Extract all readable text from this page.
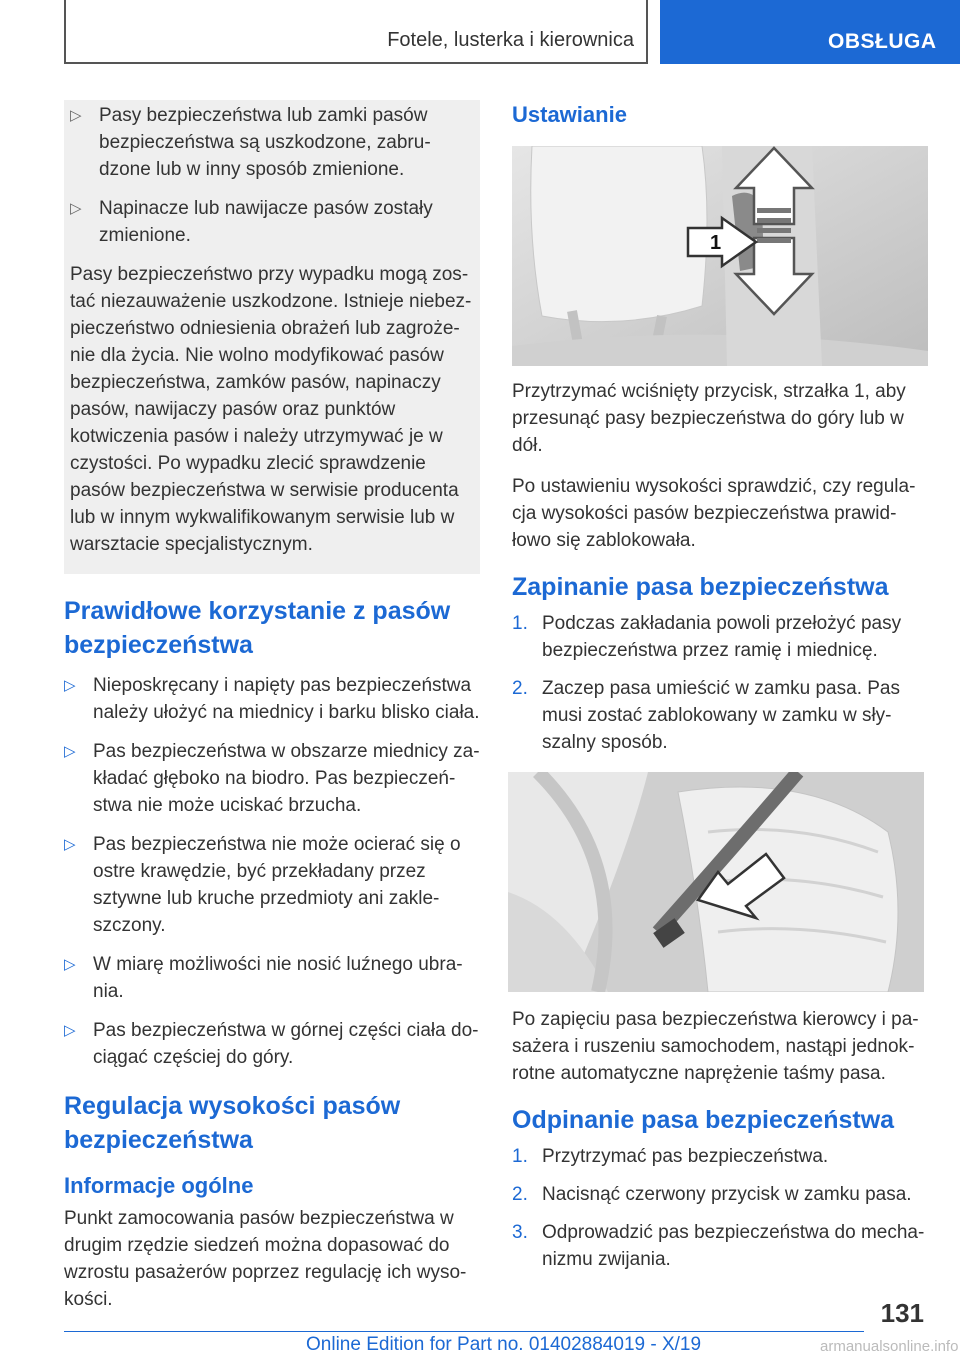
Fotele, lusterka i kierownica	OBSŁUGA
▷ Pasy bezpieczeństwa lub zamki pasów bezpieczeństwa są uszkodzone, zabrudzone lub w inny sposób zmienione.
▷ Napinacze lub nawijacze pasów zostały zmienione.

Pasy bezpieczeństwo przy wypadku mogą zostać niezauważenie uszkodzone. Istnieje niebezpieczeństwo odniesienia obrażeń lub zagrożenie dla życia. Nie wolno modyfikować pasów bezpieczeństwa, zamków pasów, napinaczy pasów, nawijaczy pasów oraz punktów kotwiczenia pasów i należy utrzymywać je w czystości. Po wypadku zlecić sprawdzenie pasów bezpieczeństwa w serwisie producenta lub w innym wykwalifikowanym serwisie lub w warsztacie specjalistycznym.

Prawidłowe korzystanie z pasów bezpieczeństwa
▷ Nieposkręcany i napięty pas bezpieczeństwa należy ułożyć na miednicy i barku blisko ciała.
▷ Pas bezpieczeństwa w obszarze miednicy zakładać głęboko na biodro. Pas bezpieczeństwa nie może uciskać brzucha.
▷ Pas bezpieczeństwa nie może ocierać się o ostre krawędzie, być przekładany przez sztywne lub kruche przedmioty ani zakleszczony.
▷ W miarę możliwości nie nosić luźnego ubrania.
▷ Pas bezpieczeństwa w górnej części ciała dociągać częściej do góry.
Regulacja wysokości pasów bezpieczeństwa
Informacje ogólne

Punkt zamocowania pasów bezpieczeństwa w drugim rzędzie siedzeń można dopasować do wzrostu pasażerów poprzez regulację ich wysokości.

Ustawianie
1

Przytrzymać wciśnięty przycisk, strzałka 1, aby przesunąć pasy bezpieczeństwa do góry lub w dół.

Po ustawieniu wysokości sprawdzić, czy regulacja wysokości pasów bezpieczeństwa prawidłowo się zablokowała.

Zapinanie pasa bezpieczeństwa
1. Podczas zakładania powoli przełożyć pasy bezpieczeństwa przez ramię i miednicę.
2. Zaczep pasa umieścić w zamku pasa. Pas musi zostać zablokowany w zamku w słyszalny sposób.

Po zapięciu pasa bezpieczeństwa kierowcy i pasażera i ruszeniu samochodem, nastąpi jednokrotne automatyczne naprężenie taśmy pasa.

Odpinanie pasa bezpieczeństwa
1. Przytrzymać pas bezpieczeństwa.
2. Nacisnąć czerwony przycisk w zamku pasa.
3. Odprowadzić pas bezpieczeństwa do mechanizmu zwijania.
131
Online Edition for Part no. 01402884019 - X/19	armanualsonline.info
